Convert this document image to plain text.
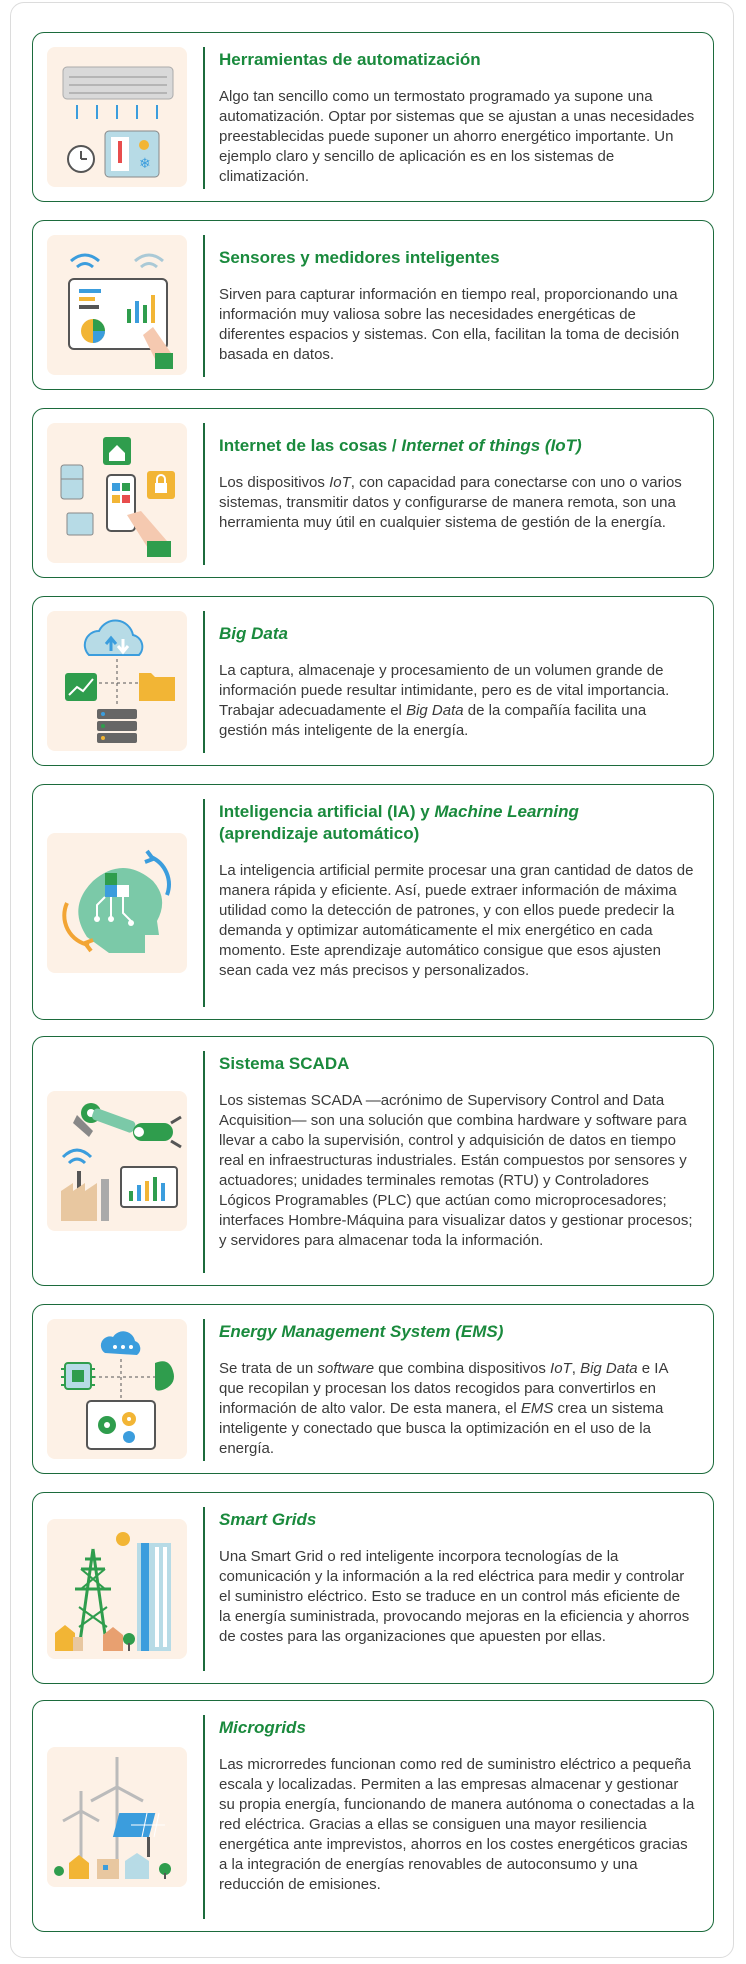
❄

Herramientas de automatización

Algo tan sencillo como un termostato programado ya supone una automatización. Optar por sistemas que se ajustan a unas necesidades preestablecidas puede suponer un ahorro energético importante. Un ejemplo claro y sencillo de aplicación es en los sistemas de climatización.

Sensores y medidores inteligentes

Sirven para capturar información en tiempo real, proporcionando una información muy valiosa sobre las necesidades energéticas de diferentes espacios y sistemas. Con ella, facilitan la toma de decisión basada en datos.

Internet de las cosas / Internet of things (IoT)

Los dispositivos IoT, con capacidad para conectarse con uno o varios sistemas, transmitir datos y configurarse de manera remota, son una herramienta muy útil en cualquier sistema de gestión de la energía.

Big Data

La captura, almacenaje y procesamiento de un volumen grande de información puede resultar intimidante, pero es de vital importancia. Trabajar adecuadamente el Big Data de la compañía facilita una gestión más inteligente de la energía.

Inteligencia artificial (IA) y Machine Learning
(aprendizaje automático)

La inteligencia artificial permite procesar una gran cantidad de datos de manera rápida y eficiente. Así, puede extraer información de máxima utilidad como la detección de patrones, y con ellos puede predecir la demanda y optimizar automáticamente el mix energético en cada momento. Este aprendizaje automático consigue que esos ajusten sean cada vez más precisos y personalizados.

Sistema SCADA

Los sistemas SCADA —acrónimo de Supervisory Control and Data Acquisition— son una solución que combina hardware y software para llevar a cabo la supervisión, control y adquisición de datos en tiempo real en infraestructuras industriales. Están compuestos por sensores y actuadores; unidades terminales remotas (RTU) y Controladores Lógicos Programables (PLC) que actúan como microprocesadores; interfaces Hombre-Máquina para visualizar datos y gestionar procesos; y servidores para almacenar toda la información.

Energy Management System (EMS)

Se trata de un software que combina dispositivos IoT, Big Data e IA que recopilan y procesan los datos recogidos para convertirlos en información de alto valor. De esta manera, el EMS crea un sistema inteligente y conectado que busca la optimización en el uso de la energía.

Smart Grids

Una Smart Grid o red inteligente incorpora tecnologías de la comunicación y la información a la red eléctrica para medir y controlar el suministro eléctrico. Esto se traduce en un control más eficiente de la energía suministrada, provocando mejoras en la eficiencia y ahorros de costes para las organizaciones que apuesten por ellas.

Microgrids

Las microrredes funcionan como red de suministro eléctrico a pequeña escala y localizadas. Permiten a las empresas almacenar y gestionar su propia energía, funcionando de manera autónoma o conectadas a la red eléctrica. Gracias a ellas se consiguen una mayor resiliencia energética ante imprevistos, ahorros en los costes energéticos gracias a la integración de energías renovables de autoconsumo y una reducción de emisiones.
